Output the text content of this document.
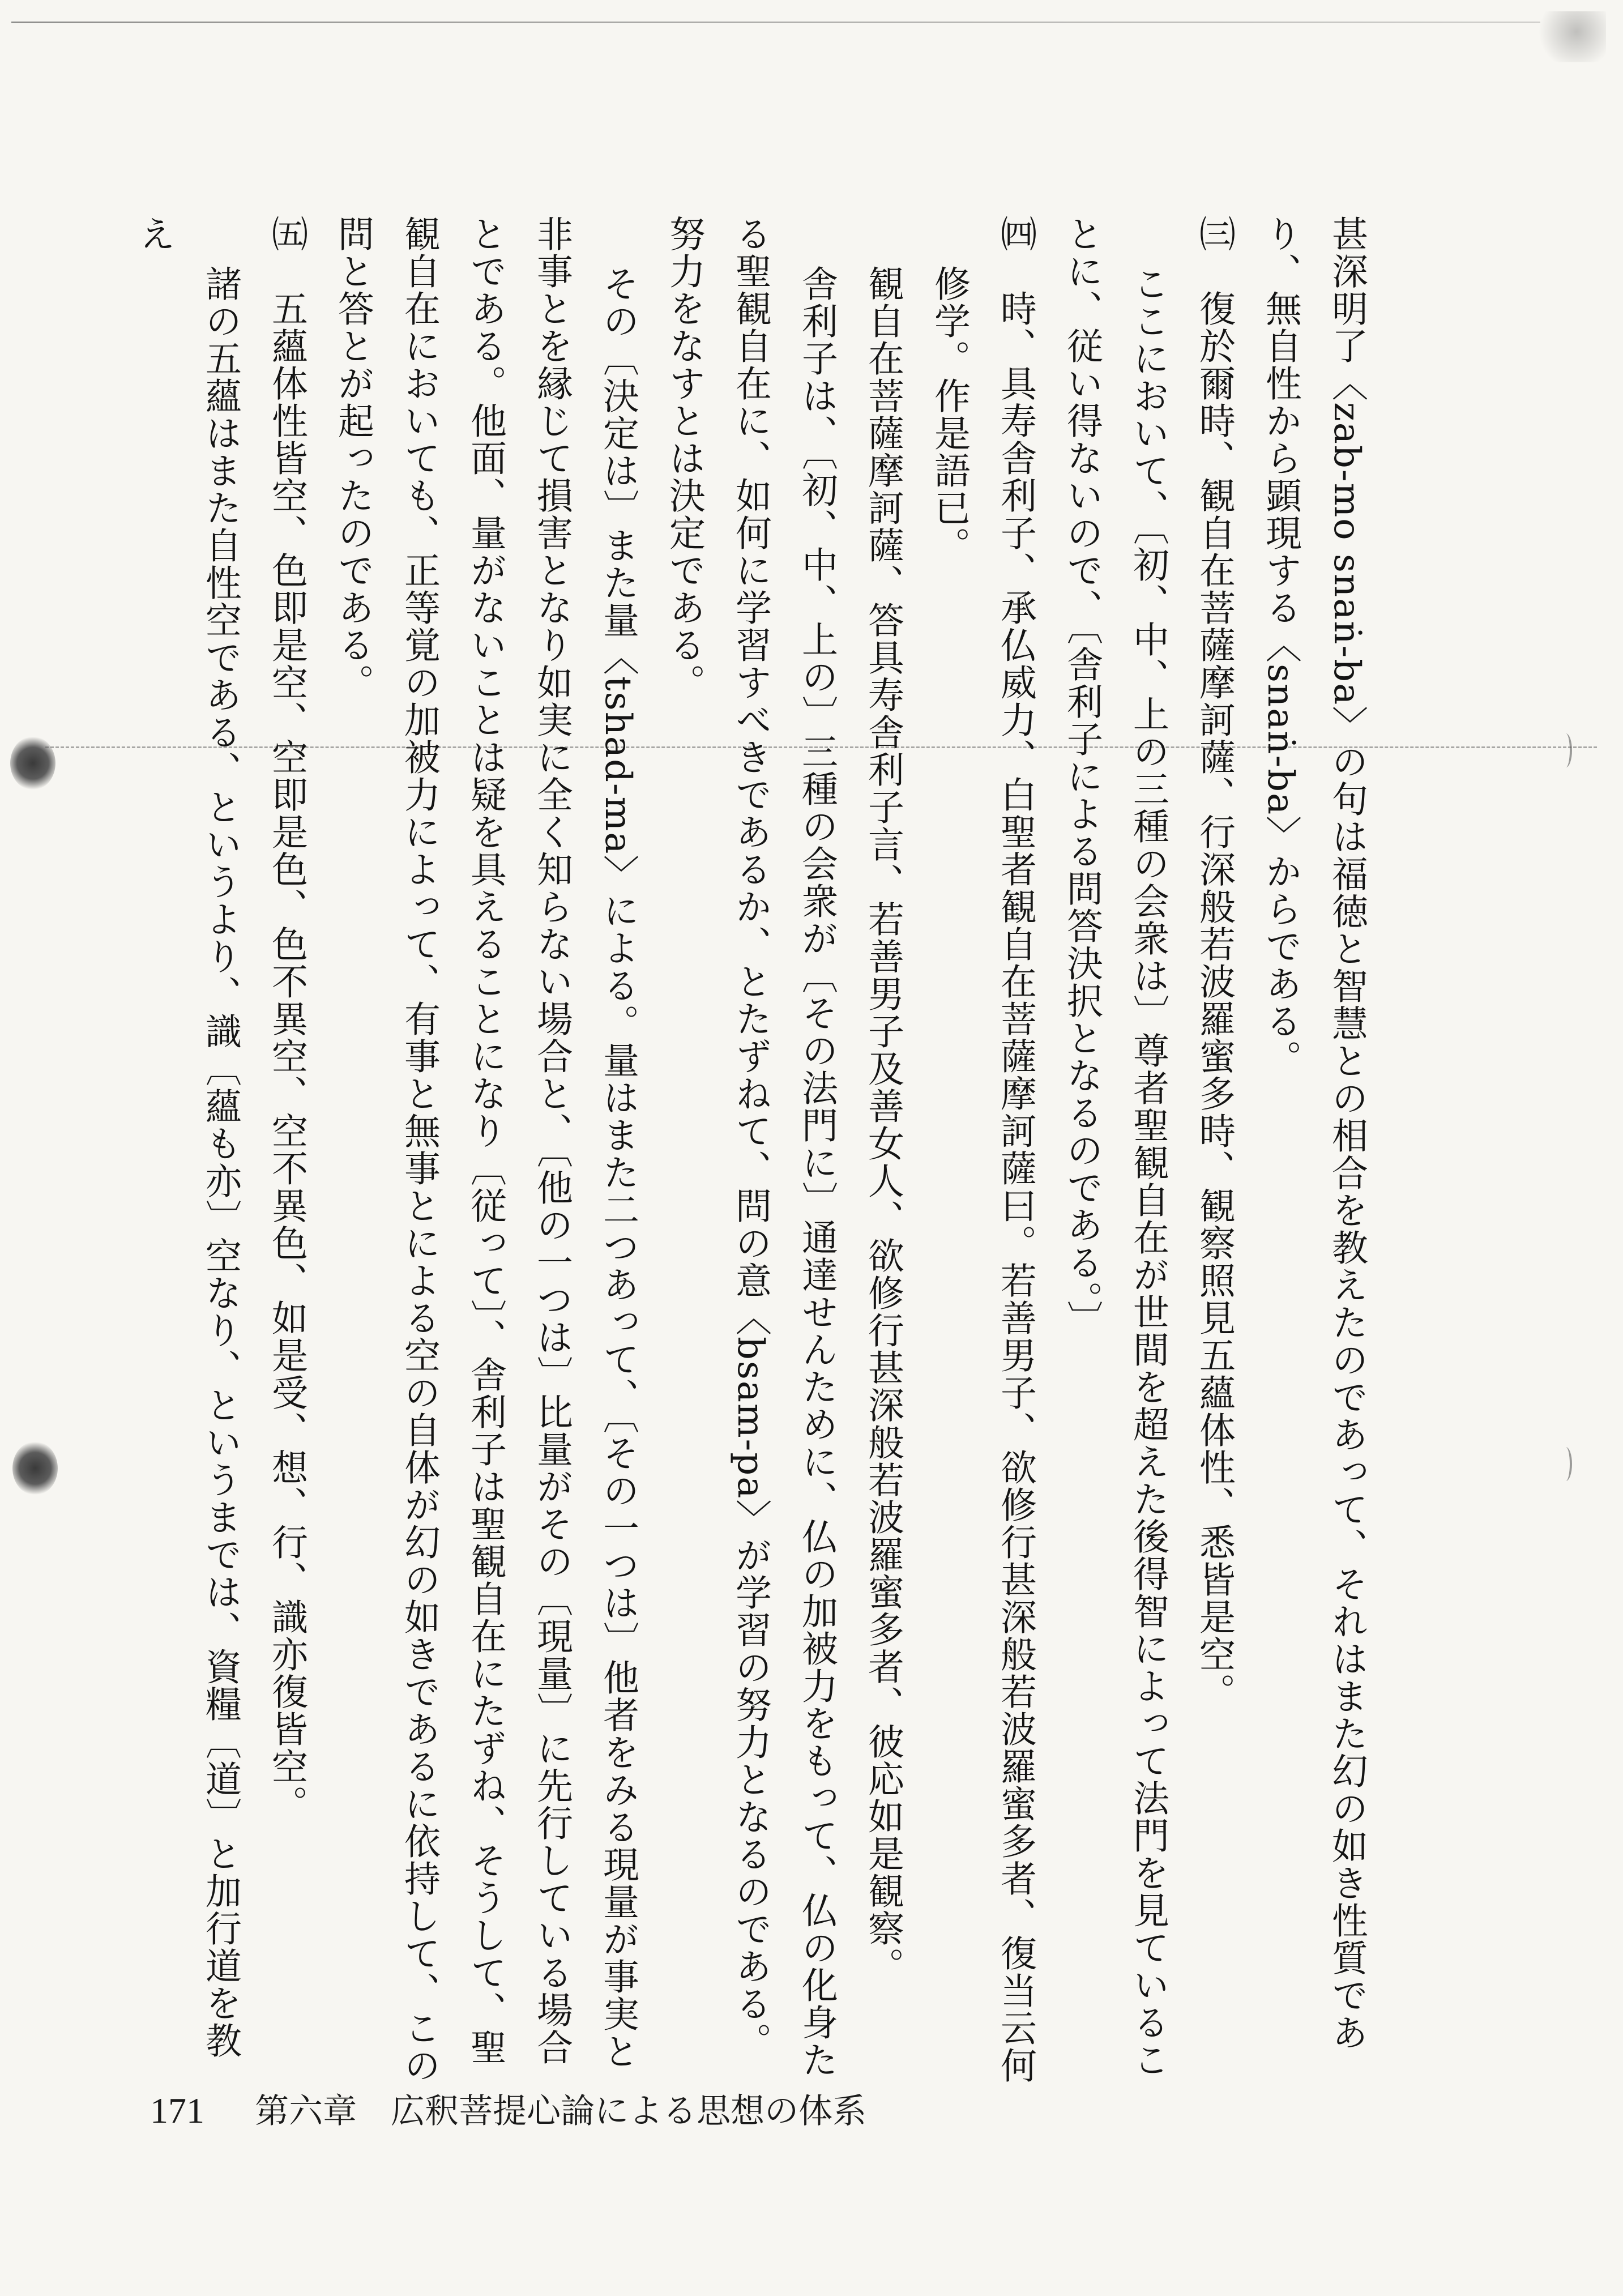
甚深明了〈zab-mo snaṅ-ba〉の句は福徳と智慧との相合を教えたのであって、それはまた幻の如き性質であり、無自性から顕現する〈snaṅ-ba〉からである。

㈢　復於爾時、観自在菩薩摩訶薩、行深般若波羅蜜多時、観察照見五蘊体性、悉皆是空。

ここにおいて、〔初、中、上の三種の会衆は〕尊者聖観自在が世間を超えた後得智によって法門を見ていることに、従い得ないので、〔舎利子による問答決択となるのである。〕

㈣　時、具寿舎利子、承仏威力、白聖者観自在菩薩摩訶薩曰。若善男子、欲修行甚深般若波羅蜜多者、復当云何修学。作是語已。

観自在菩薩摩訶薩、答具寿舎利子言、若善男子及善女人、欲修行甚深般若波羅蜜多者、彼応如是観察。

舎利子は、〔初、中、上の〕三種の会衆が〔その法門に〕通達せんために、仏の加被力をもって、仏の化身たる聖観自在に、如何に学習すべきであるか、とたずねて、問の意〈bsam-pa〉が学習の努力となるのである。努力をなすとは決定である。

その〔決定は〕また量〈tshad-ma〉による。量はまた二つあって、〔その一つは〕他者をみる現量が事実と非事とを縁じて損害となり如実に全く知らない場合と、〔他の一つは〕比量がその〔現量〕に先行している場合とである。他面、量がないことは疑を具えることになり〔従って〕、舎利子は聖観自在にたずね、そうして、聖観自在においても、正等覚の加被力によって、有事と無事とによる空の自体が幻の如きであるに依持して、この問と答とが起ったのである。

㈤　五蘊体性皆空、色即是空、空即是色、色不異空、空不異色、如是受、想、行、識亦復皆空。

諸の五蘊はまた自性空である、というより、識〔蘊も亦〕空なり、というまでは、資糧〔道〕と加行道を教え

171 第六章　広釈菩提心論による思想の体系
